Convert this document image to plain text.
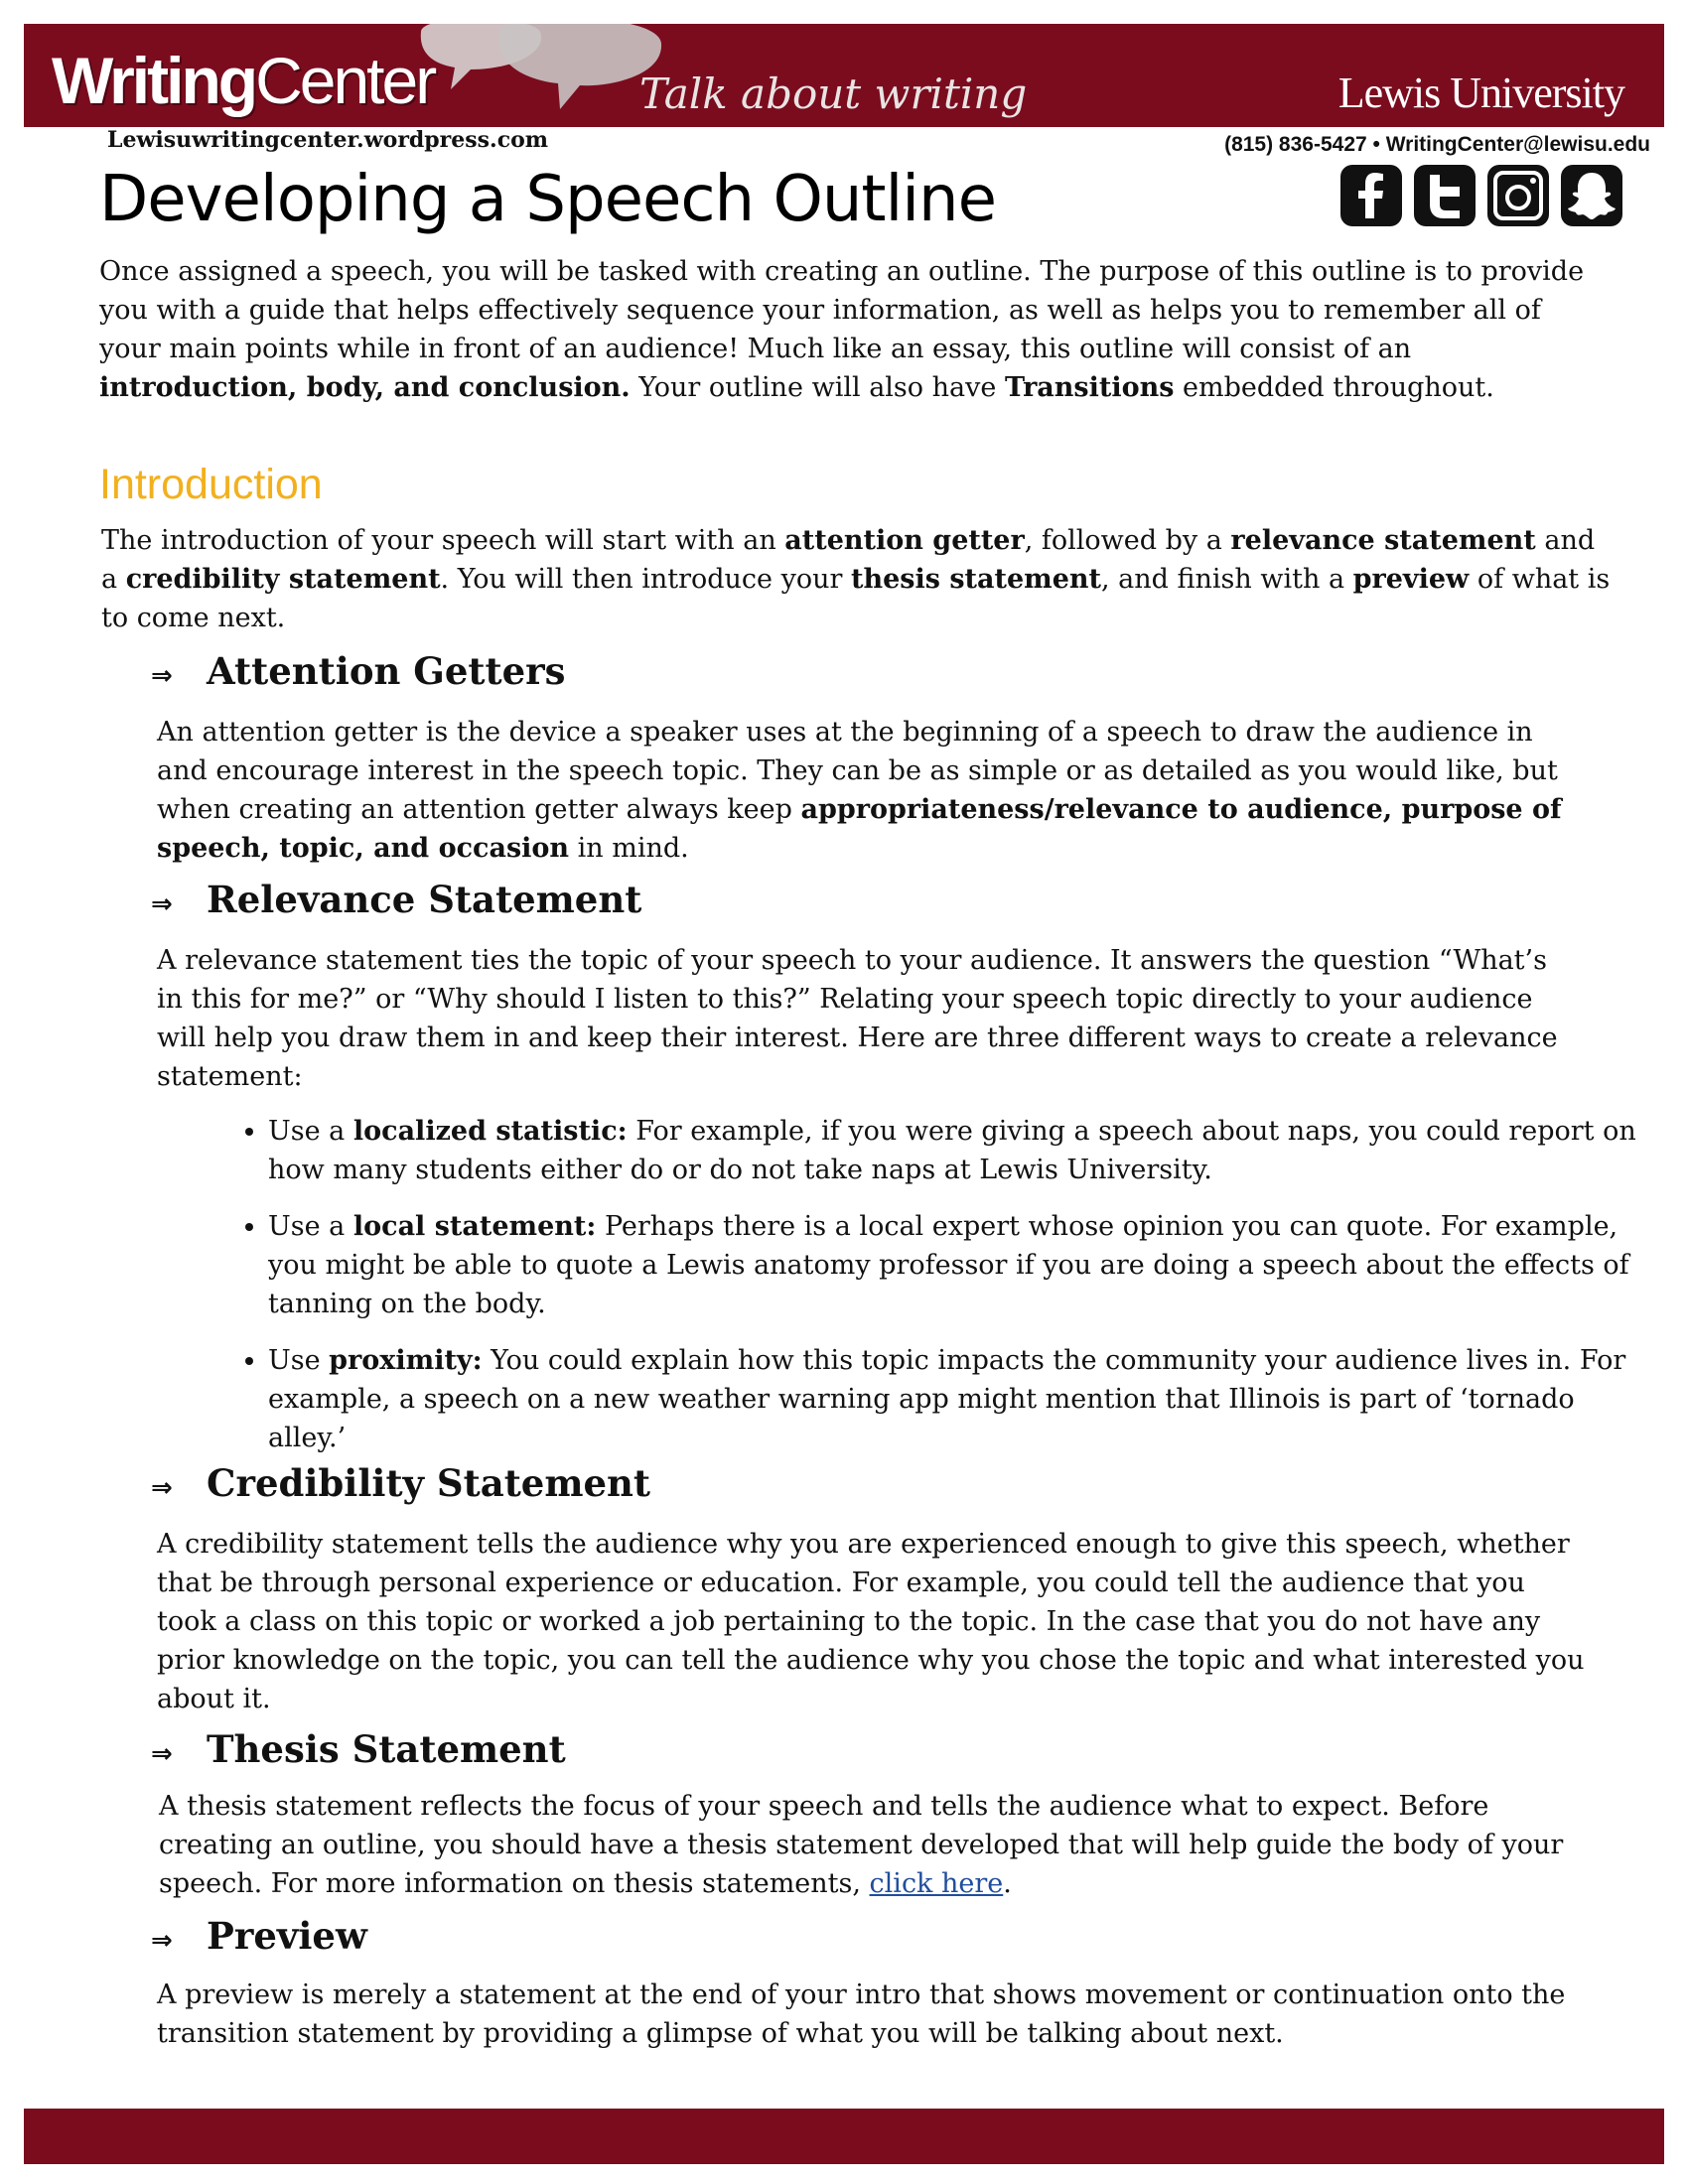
WritingCenter	Talk about writing	Lewis University
Lewisuwritingcenter.wordpress.com	(815) 836-5427 • WritingCenter@lewisu.edu
Developing a Speech Outline

Once assigned a speech, you will be tasked with creating an outline. The purpose of this outline is to provide you with a guide that helps effectively sequence your information, as well as helps you to remember all of your main points while in front of an audience! Much like an essay, this outline will consist of an introduction, body, and conclusion. Your outline will also have Transitions embedded throughout.

Introduction

The introduction of your speech will start with an attention getter, followed by a relevance statement and a credibility statement. You will then introduce your thesis statement, and finish with a preview of what is to come next.

⇒ Attention Getters

An attention getter is the device a speaker uses at the beginning of a speech to draw the audience in and encourage interest in the speech topic. They can be as simple or as detailed as you would like, but when creating an attention getter always keep appropriateness/relevance to audience, purpose of speech, topic, and occasion in mind.

⇒ Relevance Statement

A relevance statement ties the topic of your speech to your audience. It answers the question “What’s in this for me?” or “Why should I listen to this?” Relating your speech topic directly to your audience will help you draw them in and keep their interest. Here are three different ways to create a relevance statement:

• Use a localized statistic: For example, if you were giving a speech about naps, you could report on how many students either do or do not take naps at Lewis University.
• Use a local statement: Perhaps there is a local expert whose opinion you can quote. For example, you might be able to quote a Lewis anatomy professor if you are doing a speech about the effects of tanning on the body.
• Use proximity: You could explain how this topic impacts the community your audience lives in. For example, a speech on a new weather warning app might mention that Illinois is part of ‘tornado alley.’
⇒ Credibility Statement

A credibility statement tells the audience why you are experienced enough to give this speech, whether that be through personal experience or education. For example, you could tell the audience that you took a class on this topic or worked a job pertaining to the topic. In the case that you do not have any prior knowledge on the topic, you can tell the audience why you chose the topic and what interested you about it.

⇒ Thesis Statement

A thesis statement reflects the focus of your speech and tells the audience what to expect. Before creating an outline, you should have a thesis statement developed that will help guide the body of your speech. For more information on thesis statements, click here.

⇒ Preview

A preview is merely a statement at the end of your intro that shows movement or continuation onto the transition statement by providing a glimpse of what you will be talking about next.
